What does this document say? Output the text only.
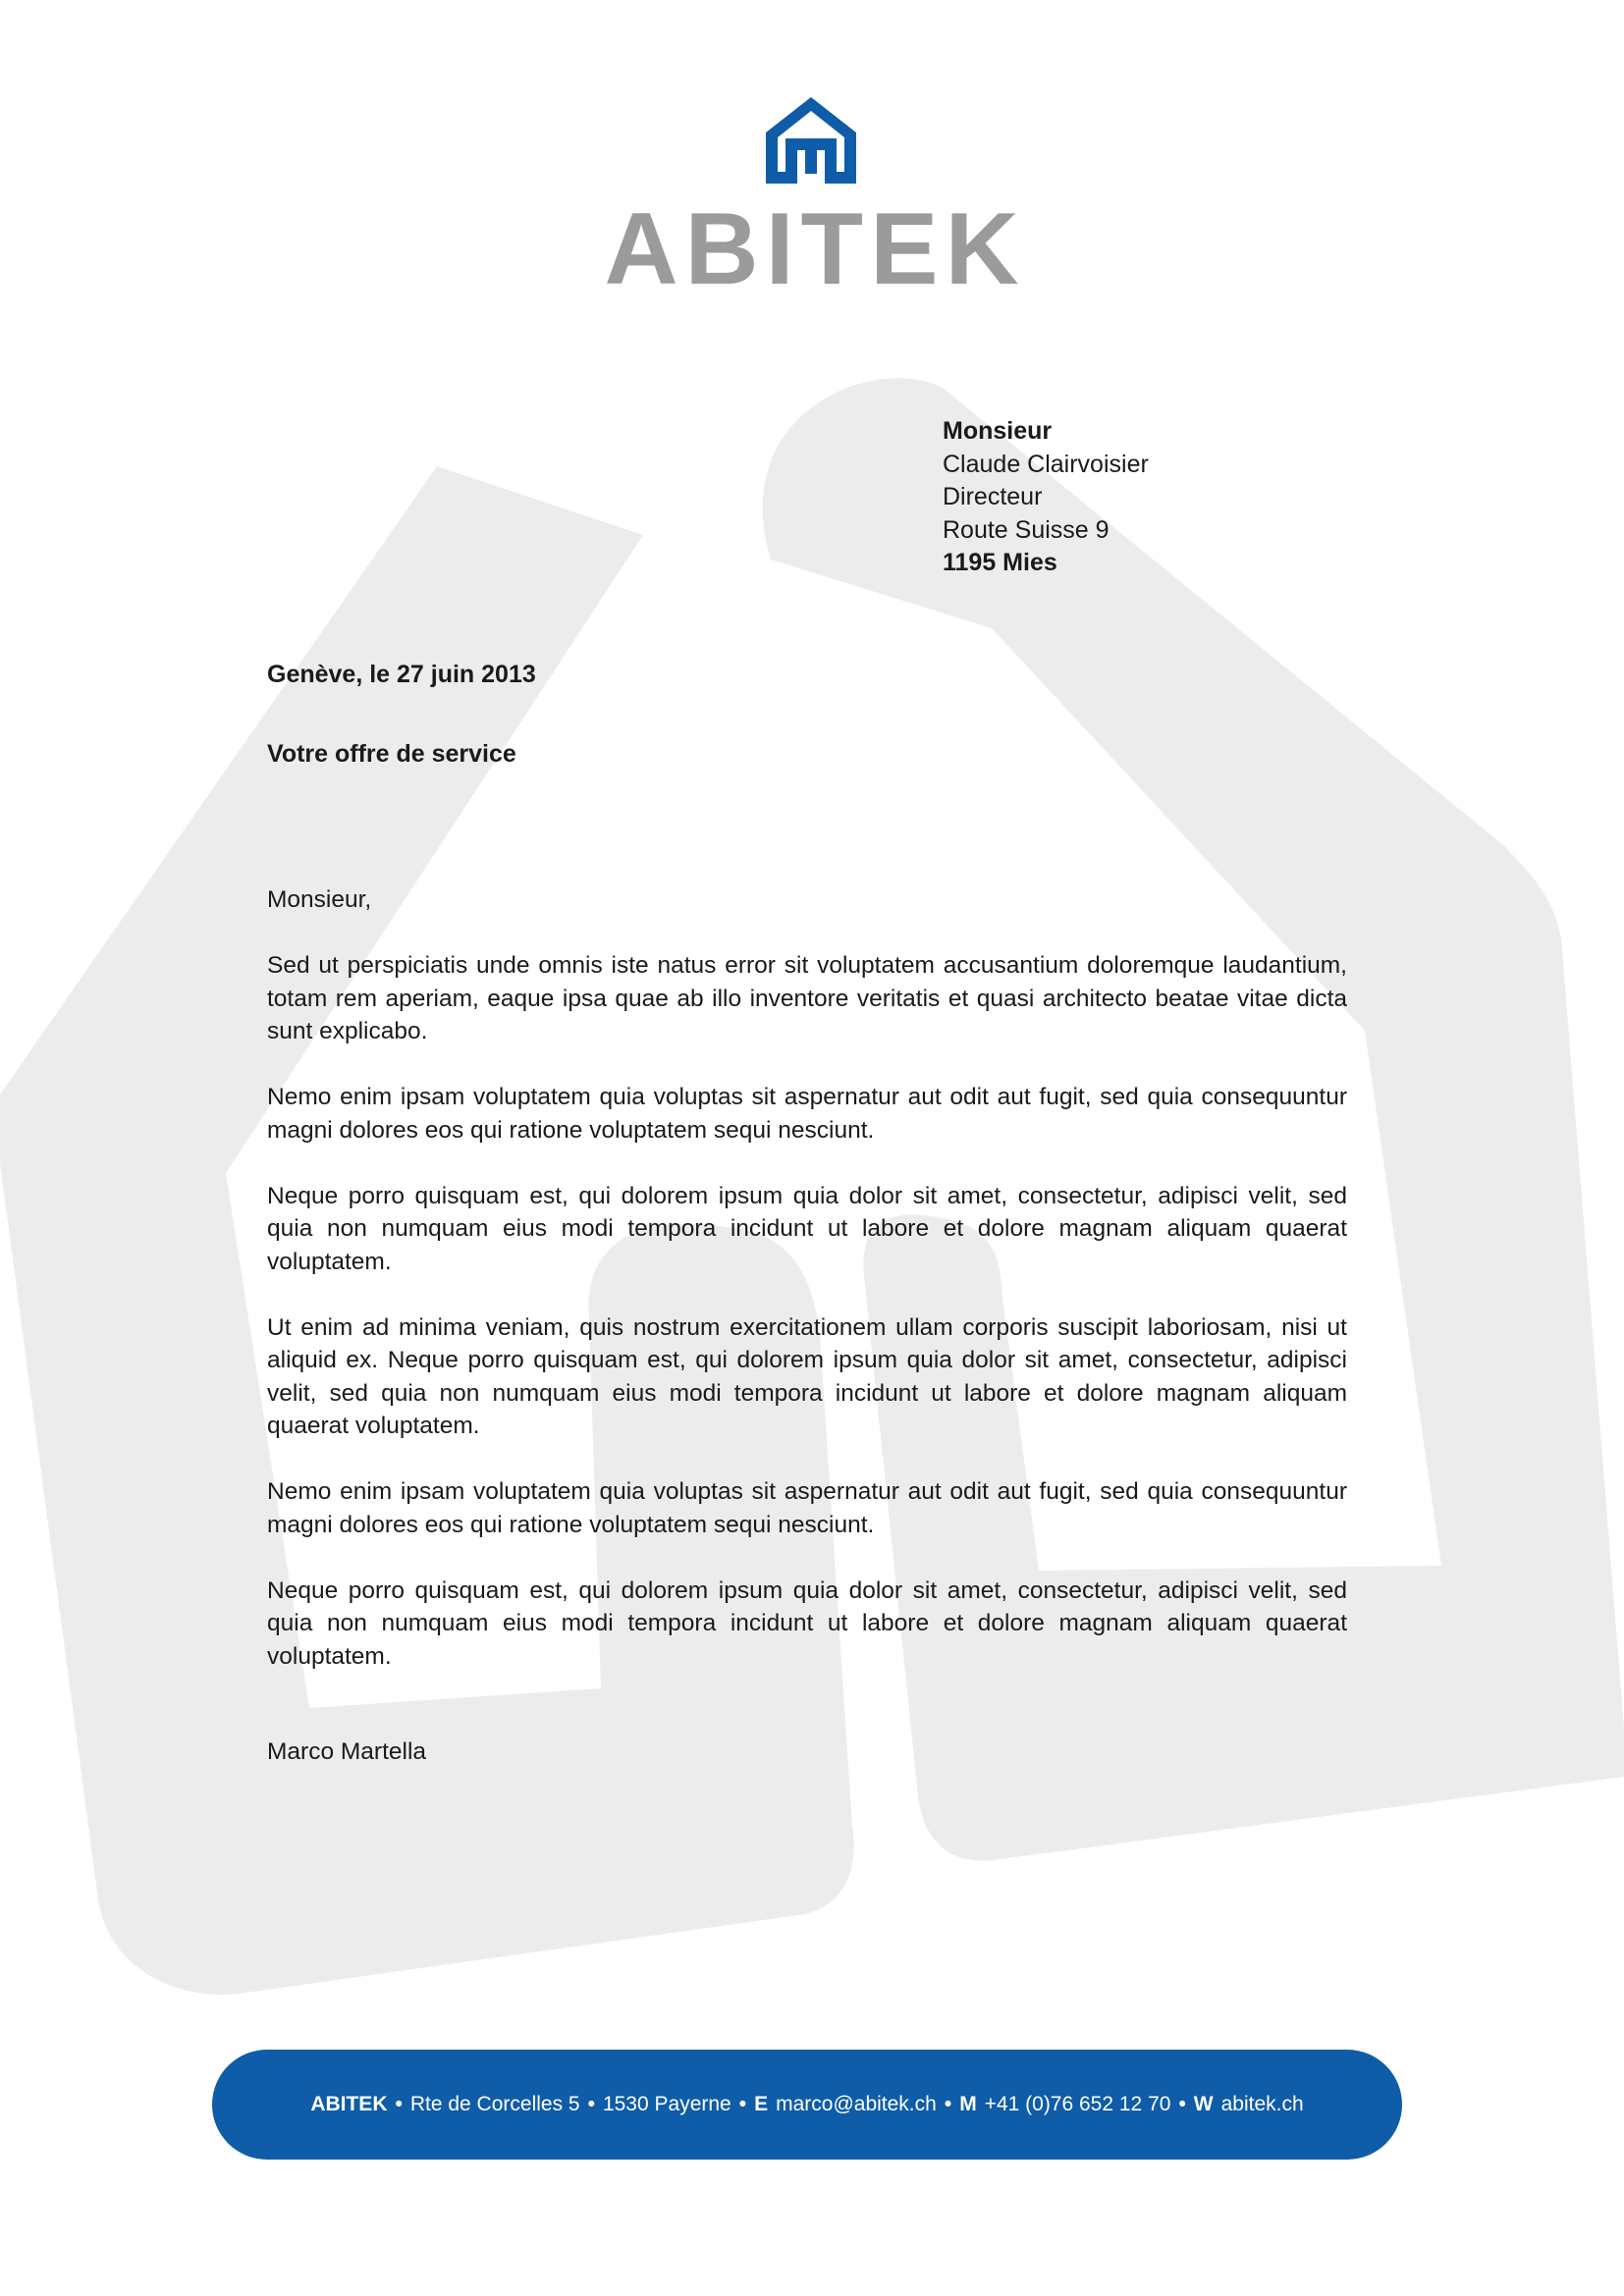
ABITEK
Monsieur
Claude Clairvoisier
Directeur
Route Suisse 9
1195 Mies
Genève, le 27 juin 2013
Votre offre de service
Monsieur,

Sed ut perspiciatis unde omnis iste natus error sit voluptatem accusantium doloremque laudantium, totam rem aperiam, eaque ipsa quae ab illo inventore veritatis et quasi architecto beatae vitae dicta sunt explicabo.

Nemo enim ipsam voluptatem quia voluptas sit aspernatur aut odit aut fugit, sed quia consequuntur magni dolores eos qui ratione voluptatem sequi nesciunt.

Neque porro quisquam est, qui dolorem ipsum quia dolor sit amet, consectetur, adipisci velit, sed quia non numquam eius modi tempora incidunt ut labore et dolore magnam aliquam quaerat voluptatem.

Ut enim ad minima veniam, quis nostrum exercitationem ullam corporis suscipit laboriosam, nisi ut aliquid ex. Neque porro quisquam est, qui dolorem ipsum quia dolor sit amet, consectetur, adipisci velit, sed quia non numquam eius modi tempora incidunt ut labore et dolore magnam aliquam quaerat voluptatem.

Nemo enim ipsam voluptatem quia voluptas sit aspernatur aut odit aut fugit, sed quia consequuntur magni dolores eos qui ratione voluptatem sequi nesciunt.

Neque porro quisquam est, qui dolorem ipsum quia dolor sit amet, consectetur, adipisci velit, sed quia non numquam eius modi tempora incidunt ut labore et dolore magnam aliquam quaerat voluptatem.

Marco Martella
ABITEK • Rte de Corcelles 5 • 1530 Payerne • E marco@abitek.ch • M +41 (0)76 652 12 70 • W abitek.ch
